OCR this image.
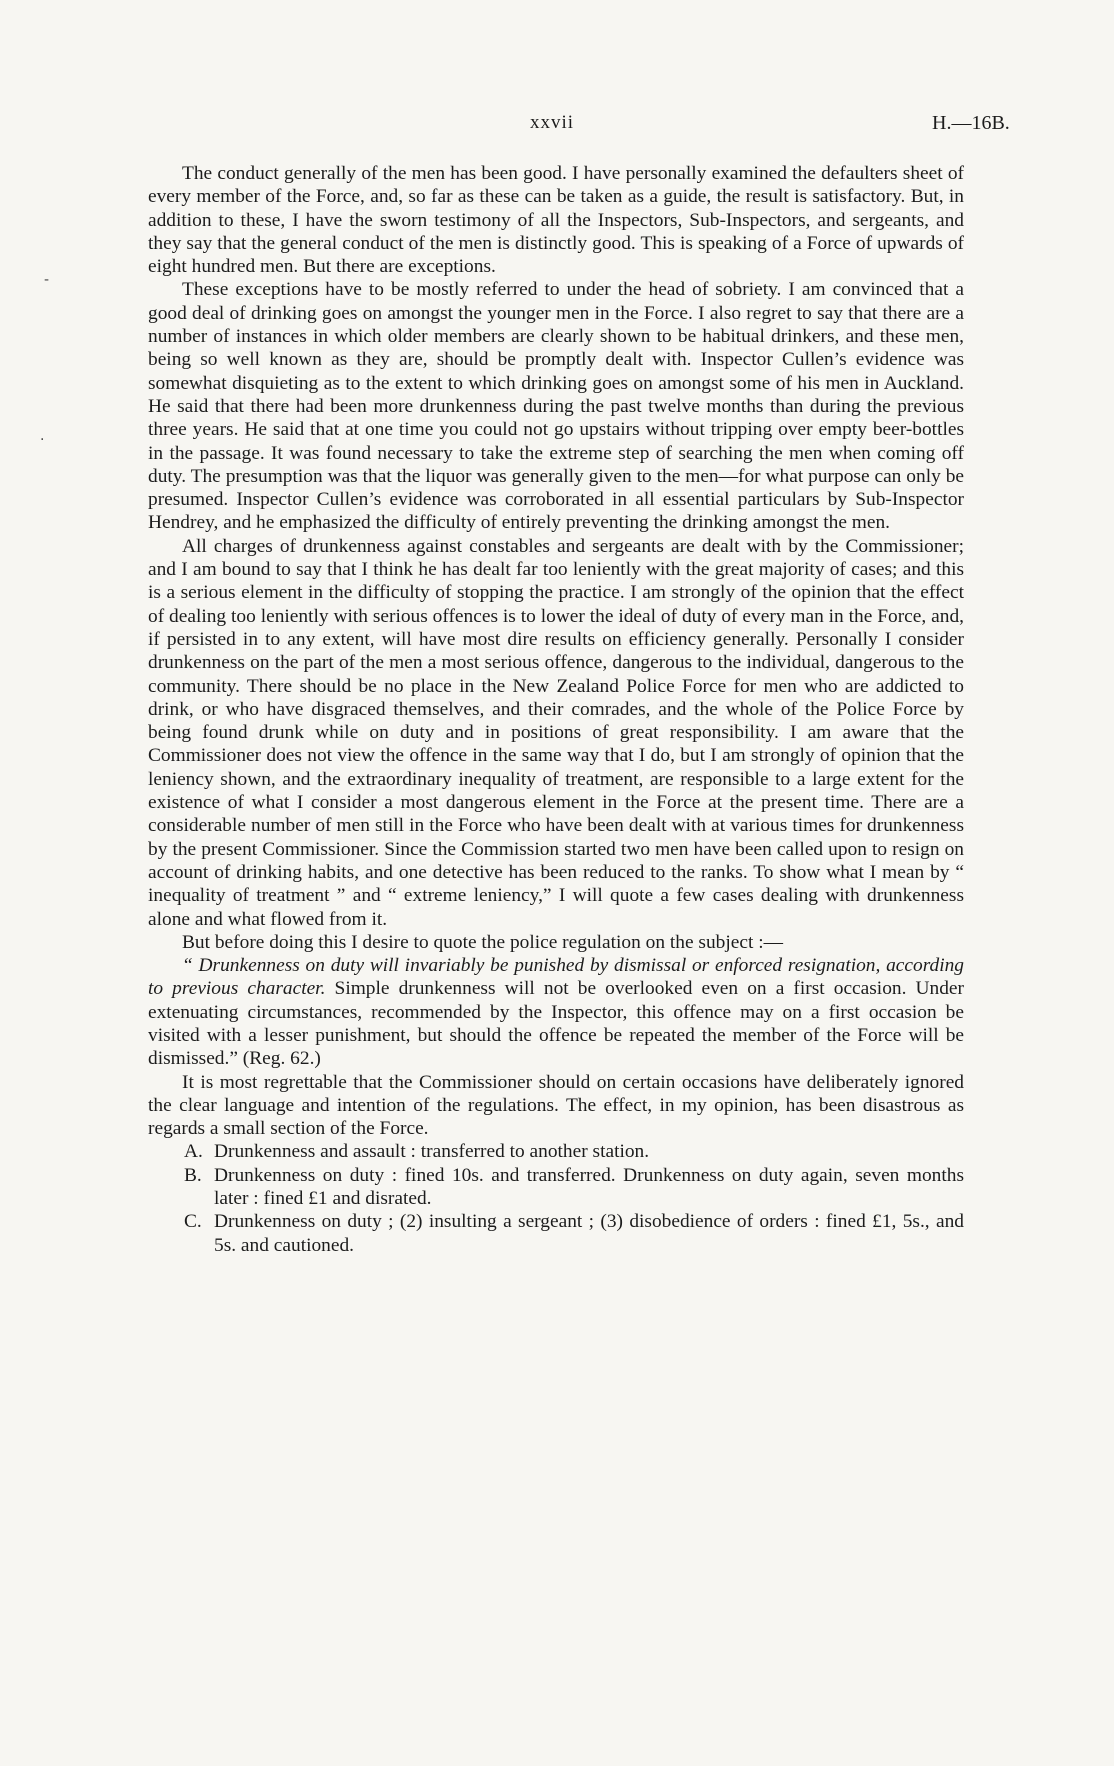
xxvii	H.—16B.
-
·

The conduct generally of the men has been good. I have personally examined the defaulters sheet of every member of the Force, and, so far as these can be taken as a guide, the result is satisfactory. But, in addition to these, I have the sworn testimony of all the Inspectors, Sub-Inspectors, and sergeants, and they say that the general conduct of the men is distinctly good. This is speaking of a Force of upwards of eight hundred men. But there are exceptions.

These exceptions have to be mostly referred to under the head of sobriety. I am convinced that a good deal of drinking goes on amongst the younger men in the Force. I also regret to say that there are a number of instances in which older members are clearly shown to be habitual drinkers, and these men, being so well known as they are, should be promptly dealt with. Inspector Cullen’s evidence was somewhat disquieting as to the extent to which drinking goes on amongst some of his men in Auckland. He said that there had been more drunkenness during the past twelve months than during the previous three years. He said that at one time you could not go upstairs without tripping over empty beer-bottles in the passage. It was found necessary to take the extreme step of searching the men when coming off duty. The presumption was that the liquor was generally given to the men—for what purpose can only be presumed. Inspector Cullen’s evidence was corroborated in all essential particulars by Sub-Inspector Hendrey, and he emphasized the difficulty of entirely preventing the drinking amongst the men.

All charges of drunkenness against constables and sergeants are dealt with by the Commissioner; and I am bound to say that I think he has dealt far too leniently with the great majority of cases; and this is a serious element in the difficulty of stopping the practice. I am strongly of the opinion that the effect of dealing too leniently with serious offences is to lower the ideal of duty of every man in the Force, and, if persisted in to any extent, will have most dire results on efficiency generally. Personally I consider drunkenness on the part of the men a most serious offence, dangerous to the individual, dangerous to the community. There should be no place in the New Zealand Police Force for men who are addicted to drink, or who have disgraced themselves, and their comrades, and the whole of the Police Force by being found drunk while on duty and in positions of great responsibility. I am aware that the Commissioner does not view the offence in the same way that I do, but I am strongly of opinion that the leniency shown, and the extraordinary inequality of treatment, are responsible to a large extent for the existence of what I consider a most dangerous element in the Force at the present time. There are a considerable number of men still in the Force who have been dealt with at various times for drunkenness by the present Commissioner. Since the Commission started two men have been called upon to resign on account of drinking habits, and one detective has been reduced to the ranks. To show what I mean by “ inequality of treatment ” and “ extreme leniency,” I will quote a few cases dealing with drunkenness alone and what flowed from it.

But before doing this I desire to quote the police regulation on the subject :—

“ Drunkenness on duty will invariably be punished by dismissal or enforced resignation, according to previous character. Simple drunkenness will not be overlooked even on a first occasion. Under extenuating circumstances, recommended by the Inspector, this offence may on a first occasion be visited with a lesser punishment, but should the offence be repeated the member of the Force will be dismissed.” (Reg. 62.)

It is most regrettable that the Commissioner should on certain occasions have deliberately ignored the clear language and intention of the regulations. The effect, in my opinion, has been disastrous as regards a small section of the Force.

A. Drunkenness and assault : transferred to another station.
B. Drunkenness on duty : fined 10s. and transferred. Drunkenness on duty again, seven months later : fined £1 and disrated.
C. Drunkenness on duty ; (2) insulting a sergeant ; (3) disobedience of orders : fined £1, 5s., and 5s. and cautioned.
